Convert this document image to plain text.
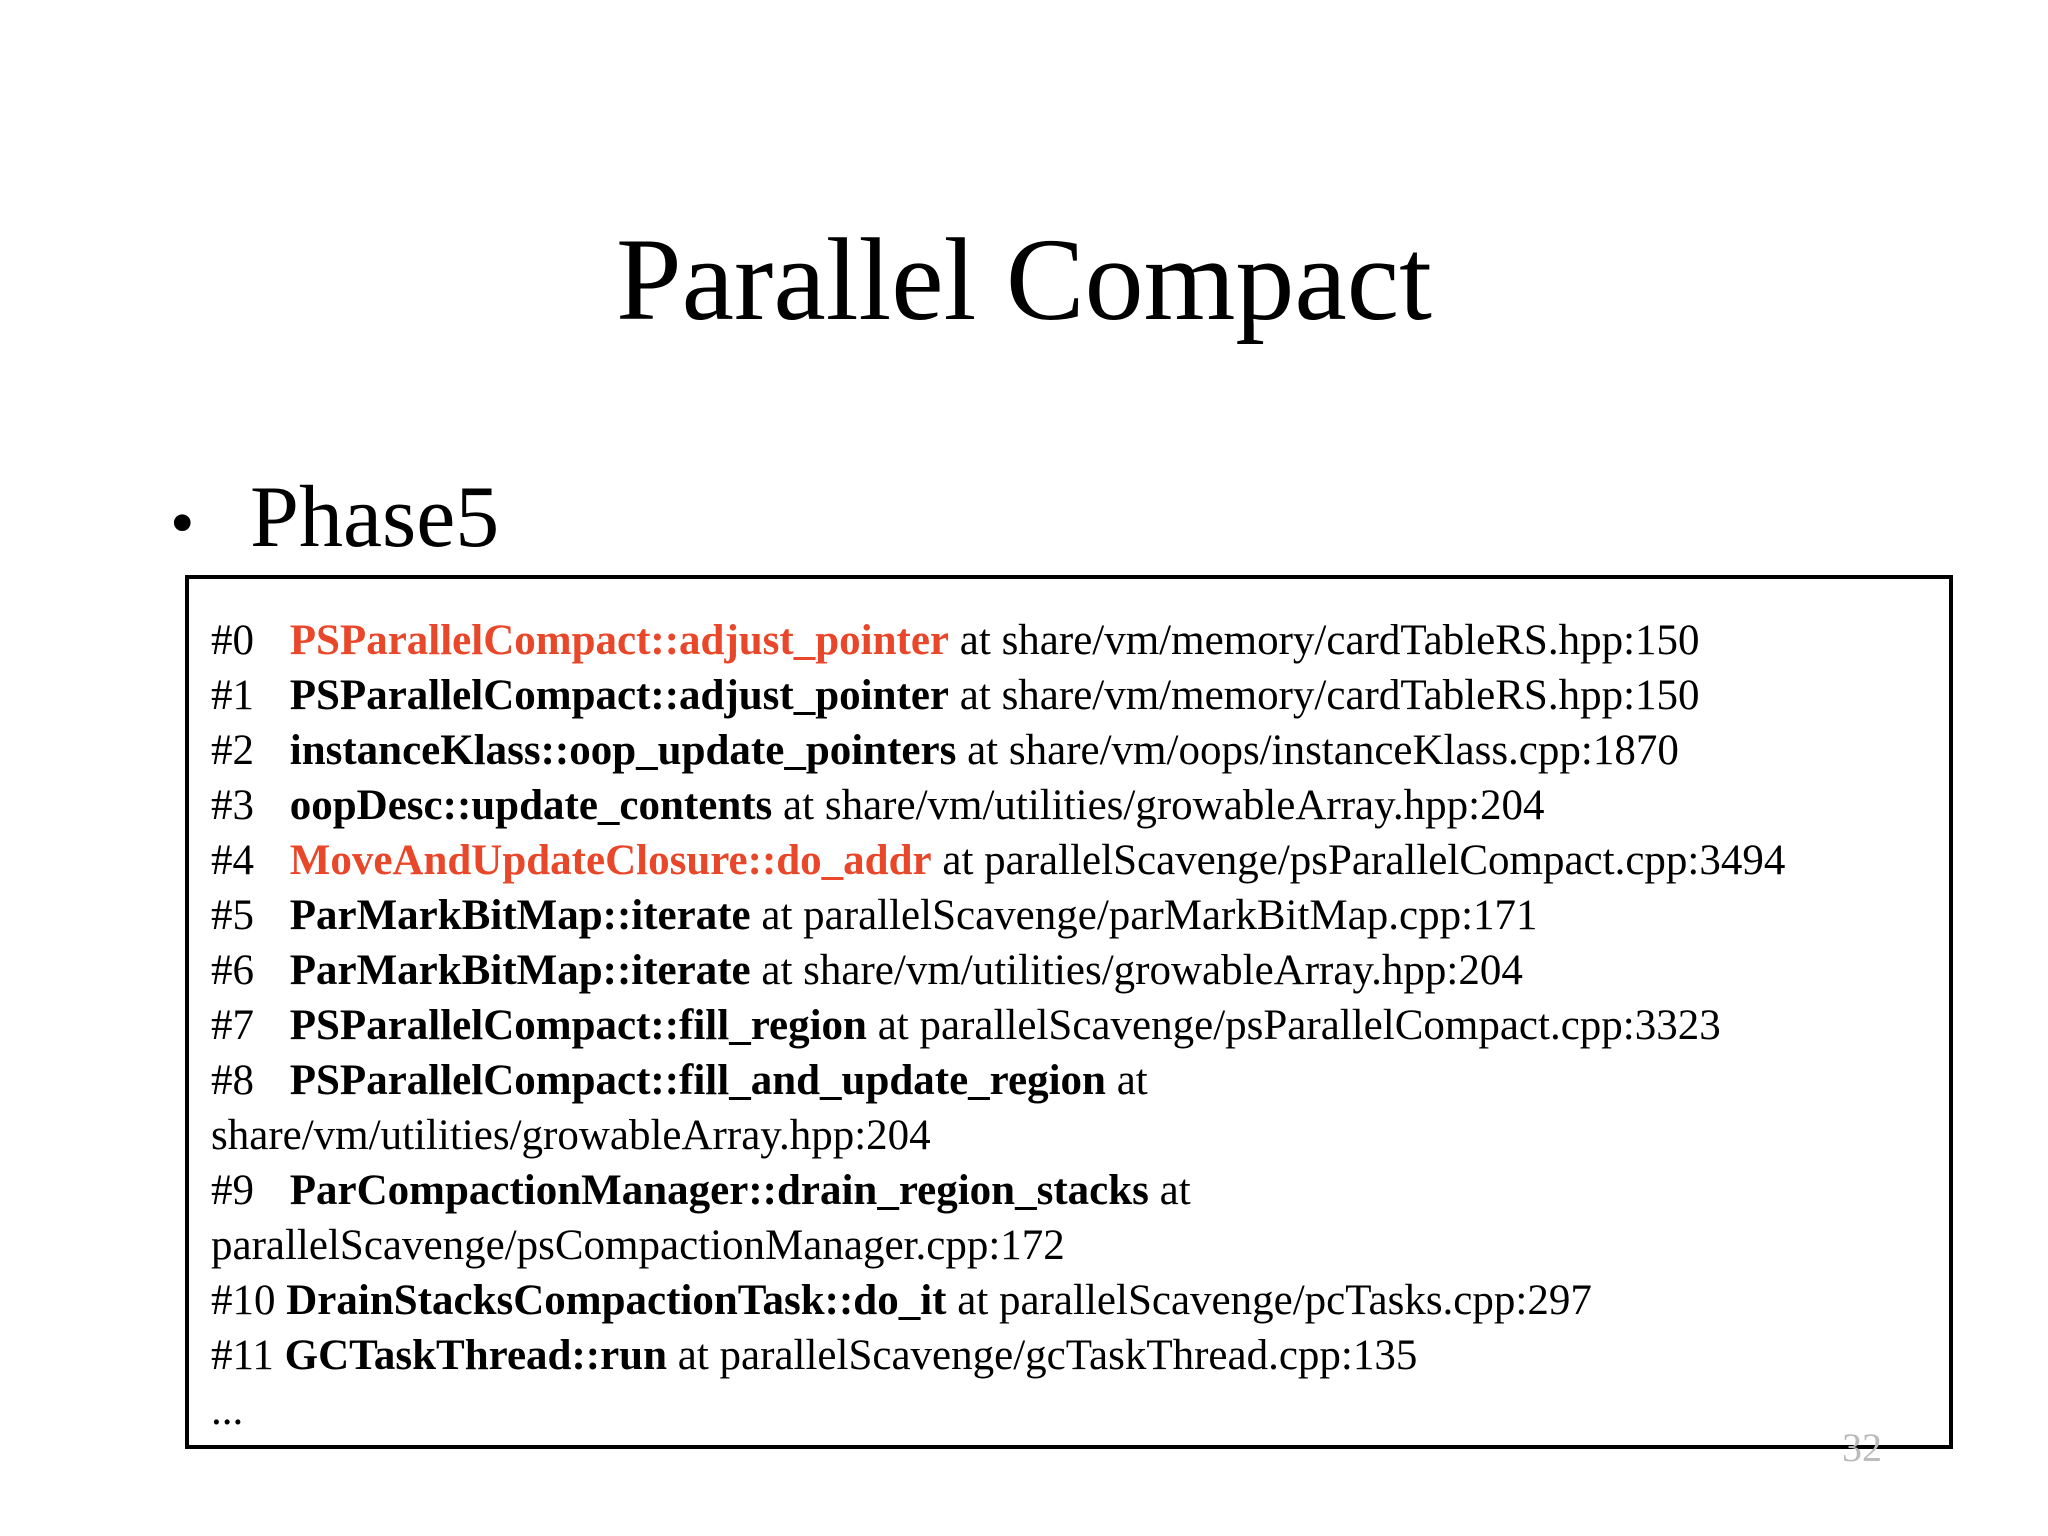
Parallel Compact
• Phase5
#0 PSParallelCompact::adjust_pointer at share/vm/memory/cardTableRS.hpp:150
#1 PSParallelCompact::adjust_pointer at share/vm/memory/cardTableRS.hpp:150
#2 instanceKlass::oop_update_pointers at share/vm/oops/instanceKlass.cpp:1870
#3 oopDesc::update_contents at share/vm/utilities/growableArray.hpp:204
#4 MoveAndUpdateClosure::do_addr at parallelScavenge/psParallelCompact.cpp:3494
#5 ParMarkBitMap::iterate at parallelScavenge/parMarkBitMap.cpp:171
#6 ParMarkBitMap::iterate at share/vm/utilities/growableArray.hpp:204
#7 PSParallelCompact::fill_region at parallelScavenge/psParallelCompact.cpp:3323
#8 PSParallelCompact::fill_and_update_region at
share/vm/utilities/growableArray.hpp:204
#9 ParCompactionManager::drain_region_stacks at
parallelScavenge/psCompactionManager.cpp:172
#10 DrainStacksCompactionTask::do_it at parallelScavenge/pcTasks.cpp:297
#11 GCTaskThread::run at parallelScavenge/gcTaskThread.cpp:135
...
32
